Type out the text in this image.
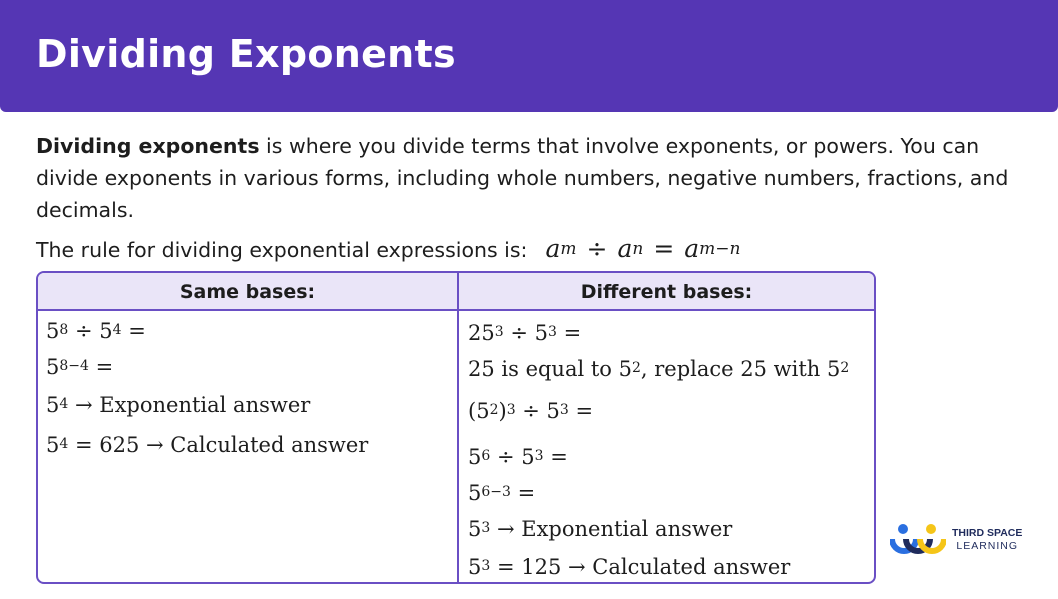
Dividing Exponents

Dividing exponents is where you divide terms that involve exponents, or powers. You can divide exponents in various forms, including whole numbers, negative numbers, fractions, and decimals.

The rule for dividing exponential expressions is: $a^m \div a^n = a^{m-n}$
Same bases:	Different bases:
$5^8 \div 5^4$ =
$5^{8-4}$ =
$5^4$ → Exponential answer
$5^4 = 625$ → Calculated answer
$25^3 \div 5^3$ =
25 is equal to $5^2$, replace 25 with $5^2$
$(5^2)^3 \div 5^3$ =
$5^6 \div 5^3$ =
$5^{6-3}$ =
$5^3$ → Exponential answer
$5^3 = 125$ → Calculated answer
THIRD SPACE
LEARNING
